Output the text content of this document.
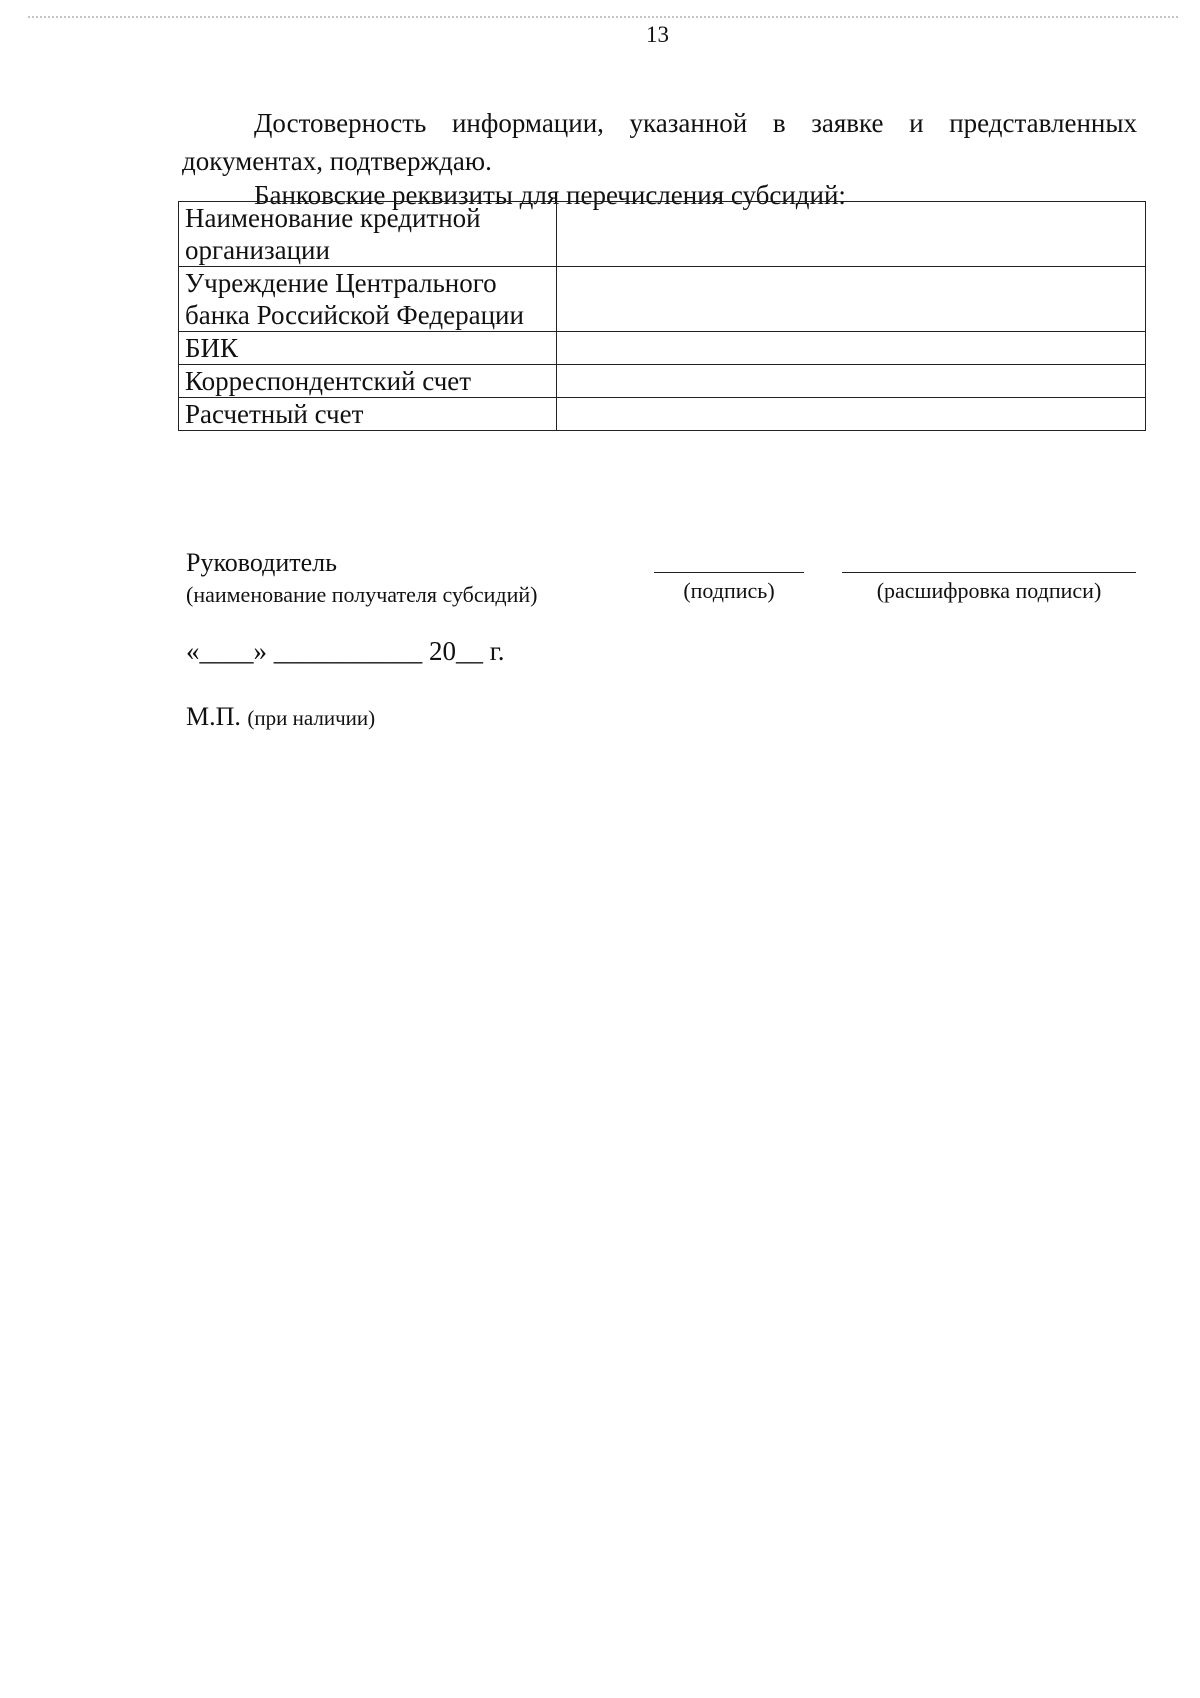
13

Достоверность информации, указанной в заявке и представленных документах, подтверждаю.

Банковские реквизиты для перечисления субсидий:

Наименование кредитной организации	
Учреждение Центрального банка Российской Федерации	
БИК	
Корреспондентский счет	
Расчетный счет	
Руководитель
(наименование получателя субсидий)	(подпись)	(расшифровка подписи)
«____» ___________ 20__ г.
М.П. (при наличии)
